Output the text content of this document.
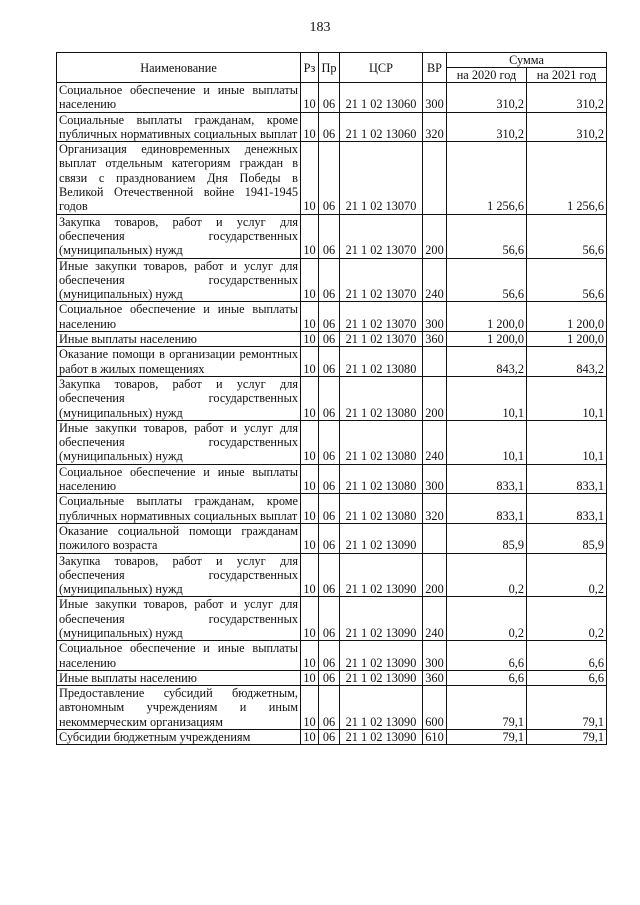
183
Наименование	Рз	Пр	ЦСР	ВР	Сумма	
					на 2020 год	на 2021 год
Социальное обеспечение и иные выплаты населению	10	06	21 1 02 13060	300	310,2	310,2
Социальные выплаты гражданам, кроме публичных нормативных социальных выплат	10	06	21 1 02 13060	320	310,2	310,2
Организация единовременных денежных выплат отдельным категориям граждан в связи с празднованием Дня Победы в Великой Отечественной войне 1941-1945 годов	10	06	21 1 02 13070		1 256,6	1 256,6
Закупка товаров, работ и услуг для обеспечения государственных (муниципальных) нужд	10	06	21 1 02 13070	200	56,6	56,6
Иные закупки товаров, работ и услуг для обеспечения государственных (муниципальных) нужд	10	06	21 1 02 13070	240	56,6	56,6
Социальное обеспечение и иные выплаты населению	10	06	21 1 02 13070	300	1 200,0	1 200,0
Иные выплаты населению	10	06	21 1 02 13070	360	1 200,0	1 200,0
Оказание помощи в организации ремонтных работ в жилых помещениях	10	06	21 1 02 13080		843,2	843,2
Закупка товаров, работ и услуг для обеспечения государственных (муниципальных) нужд	10	06	21 1 02 13080	200	10,1	10,1
Иные закупки товаров, работ и услуг для обеспечения государственных (муниципальных) нужд	10	06	21 1 02 13080	240	10,1	10,1
Социальное обеспечение и иные выплаты населению	10	06	21 1 02 13080	300	833,1	833,1
Социальные выплаты гражданам, кроме публичных нормативных социальных выплат	10	06	21 1 02 13080	320	833,1	833,1
Оказание социальной помощи гражданам пожилого возраста	10	06	21 1 02 13090		85,9	85,9
Закупка товаров, работ и услуг для обеспечения государственных (муниципальных) нужд	10	06	21 1 02 13090	200	0,2	0,2
Иные закупки товаров, работ и услуг для обеспечения государственных (муниципальных) нужд	10	06	21 1 02 13090	240	0,2	0,2
Социальное обеспечение и иные выплаты населению	10	06	21 1 02 13090	300	6,6	6,6
Иные выплаты населению	10	06	21 1 02 13090	360	6,6	6,6
Предоставление субсидий бюджетным, автономным учреждениям и иным некоммерческим организациям	10	06	21 1 02 13090	600	79,1	79,1
Субсидии бюджетным учреждениям	10	06	21 1 02 13090	610	79,1	79,1
